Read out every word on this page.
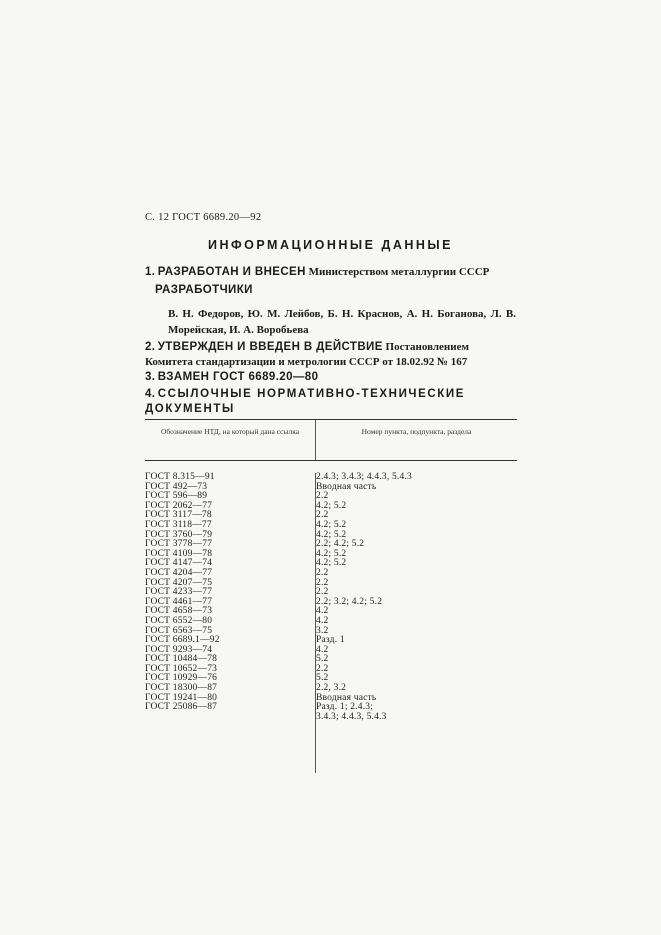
С. 12 ГОСТ 6689.20—92
ИНФОРМАЦИОННЫЕ ДАННЫЕ
1. РАЗРАБОТАН И ВНЕСЕН Министерством металлургии СССР
РАЗРАБОТЧИКИ
В. Н. Федоров, Ю. М. Лейбов, Б. Н. Краснов, А. Н. Боганова, Л. В. Морейская, И. А. Воробьева
2. УТВЕРЖДЕН И ВВЕДЕН В ДЕЙСТВИЕ Постановлением Комитета стандартизации и метрологии СССР от 18.02.92 № 167
3. ВЗАМЕН ГОСТ 6689.20—80
4. ССЫЛОЧНЫЕ НОРМАТИВНО-ТЕХНИЧЕСКИЕ ДОКУМЕНТЫ
Обозначение НТД, на который дана ссылка	Номер пункта, подпункта, раздела
ГОСТ 8.315—91
ГОСТ 492—73
ГОСТ 596—89
ГОСТ 2062—77
ГОСТ 3117—78
ГОСТ 3118—77
ГОСТ 3760—79
ГОСТ 3778—77
ГОСТ 4109—78
ГОСТ 4147—74
ГОСТ 4204—77
ГОСТ 4207—75
ГОСТ 4233—77
ГОСТ 4461—77
ГОСТ 4658—73
ГОСТ 6552—80
ГОСТ 6563—75
ГОСТ 6689.1—92
ГОСТ 9293—74
ГОСТ 10484—78
ГОСТ 10652—73
ГОСТ 10929—76
ГОСТ 18300—87
ГОСТ 19241—80
ГОСТ 25086—87
2.4.3; 3.4.3; 4.4.3, 5.4.3
Вводная часть
2.2
4.2; 5.2
2.2
4.2; 5.2
4.2; 5.2
2.2; 4.2; 5.2
4.2; 5.2
4.2; 5.2
2.2
2.2
2.2
2.2; 3.2; 4.2; 5.2
4.2
4.2
3.2
Разд. 1
4.2
5.2
2.2
5.2
2.2, 3.2
Вводная часть
Разд. 1; 2.4.3;
3.4.3; 4.4.3, 5.4.3
